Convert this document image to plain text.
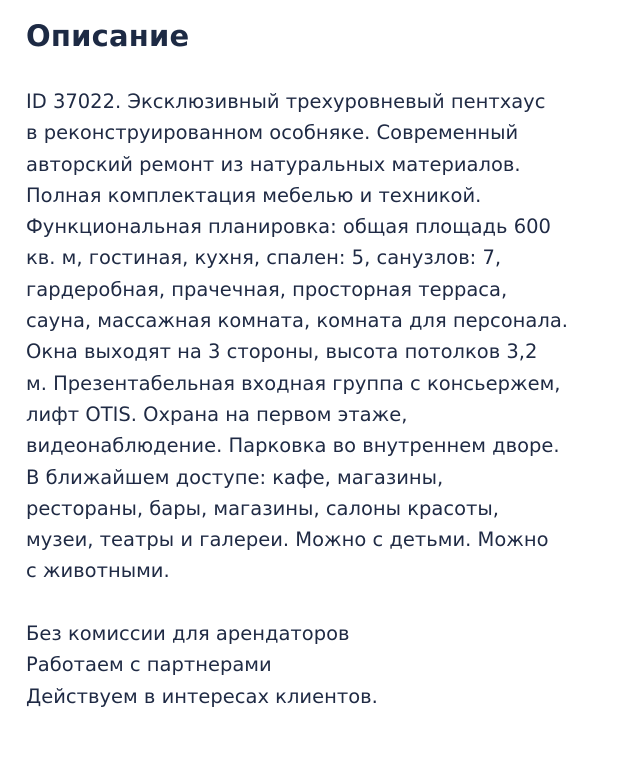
Описание
ID 37022. Эксклюзивный трехуровневый пентхаус
в реконструированном особняке. Современный
авторский ремонт из натуральных материалов.
Полная комплектация мебелью и техникой.
Функциональная планировка: общая площадь 600
кв. м, гостиная, кухня, спален: 5, санузлов: 7,
гардеробная, прачечная, просторная терраса,
сауна, массажная комната, комната для персонала.
Окна выходят на 3 стороны, высота потолков 3,2
м. Презентабельная входная группа с консьержем,
лифт OTIS. Охрана на первом этаже,
видеонаблюдение. Парковка во внутреннем дворе.
В ближайшем доступе: кафе, магазины,
рестораны, бары, магазины, салоны красоты,
музеи, театры и галереи. Можно с детьми. Можно
с животными.
Без комиссии для арендаторов
Работаем с партнерами
Действуем в интересах клиентов.
